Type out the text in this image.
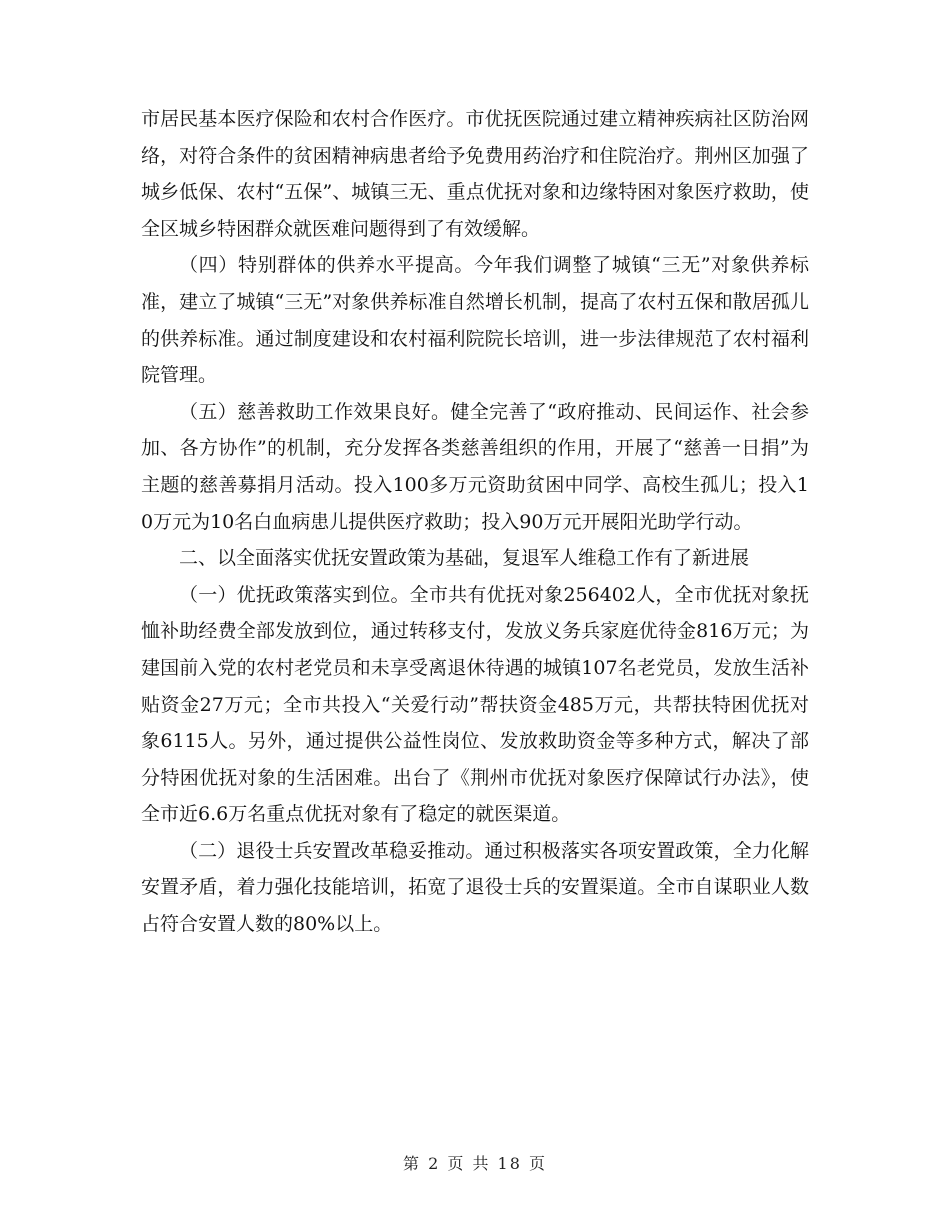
市居民基本医疗保险和农村合作医疗。市优抚医院通过建立精神疾病社区防治网络，对符合条件的贫困精神病患者给予免费用药治疗和住院治疗。荆州区加强了城乡低保、农村“五保”、城镇三无、重点优抚对象和边缘特困对象医疗救助，使全区城乡特困群众就医难问题得到了有效缓解。

（四）特别群体的供养水平提高。今年我们调整了城镇“三无”对象供养标准，建立了城镇“三无”对象供养标准自然增长机制，提高了农村五保和散居孤儿的供养标准。通过制度建设和农村福利院院长培训，进一步法律规范了农村福利院管理。

（五）慈善救助工作效果良好。健全完善了“政府推动、民间运作、社会参加、各方协作”的机制，充分发挥各类慈善组织的作用，开展了“慈善一日捐”为主题的慈善募捐月活动。投入100多万元资助贫困中同学、高校生孤儿；投入10万元为10名白血病患儿提供医疗救助；投入90万元开展阳光助学行动。

二、以全面落实优抚安置政策为基础，复退军人维稳工作有了新进展

（一）优抚政策落实到位。全市共有优抚对象256402人，全市优抚对象抚恤补助经费全部发放到位，通过转移支付，发放义务兵家庭优待金816万元；为建国前入党的农村老党员和未享受离退休待遇的城镇107名老党员，发放生活补贴资金27万元；全市共投入“关爱行动”帮扶资金485万元，共帮扶特困优抚对象6115人。另外，通过提供公益性岗位、发放救助资金等多种方式，解决了部分特困优抚对象的生活困难。出台了《荆州市优抚对象医疗保障试行办法》，使全市近6.6万名重点优抚对象有了稳定的就医渠道。

（二）退役士兵安置改革稳妥推动。通过积极落实各项安置政策，全力化解安置矛盾，着力强化技能培训，拓宽了退役士兵的安置渠道。全市自谋职业人数占符合安置人数的80%以上。

第 2 页 共 18 页
